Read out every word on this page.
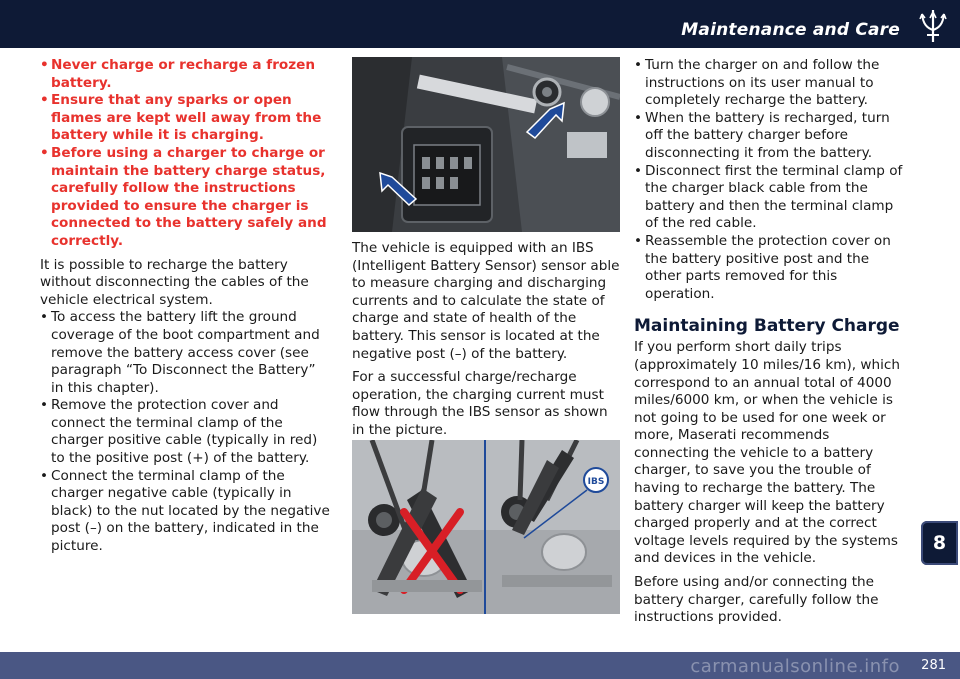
Maintenance and Care
• Never charge or recharge a frozen battery.
• Ensure that any sparks or open flames are kept well away from the battery while it is charging.
• Before using a charger to charge or maintain the battery charge status, carefully follow the instructions provided to ensure the charger is connected to the battery safely and correctly.

It is possible to recharge the battery without disconnecting the cables of the vehicle electrical system.

• To access the battery lift the ground coverage of the boot compartment and remove the battery access cover (see paragraph “To Disconnect the Battery” in this chapter).
• Remove the protection cover and connect the terminal clamp of the charger positive cable (typically in red) to the positive post (+) of the battery.
• Connect the terminal clamp of the charger negative cable (typically in black) to the nut located by the negative post (–) on the battery, indicated in the picture.

The vehicle is equipped with an IBS (Intelligent Battery Sensor) sensor able to measure charging and discharging currents and to calculate the state of charge and state of health of the battery. This sensor is located at the negative post (–) of the battery.

For a successful charge/recharge operation, the charging current must flow through the IBS sensor as shown in the picture.

IBS
• Turn the charger on and follow the instructions on its user manual to completely recharge the battery.
• When the battery is recharged, turn off the battery charger before disconnecting it from the battery.
• Disconnect first the terminal clamp of the charger black cable from the battery and then the terminal clamp of the red cable.
• Reassemble the protection cover on the battery positive post and the other parts removed for this operation.
Maintaining Battery Charge

If you perform short daily trips (approximately 10 miles/16 km), which correspond to an annual total of 4000 miles/6000 km, or when the vehicle is not going to be used for one week or more, Maserati recommends connecting the vehicle to a battery charger, to save you the trouble of having to recharge the battery. The battery charger will keep the battery charged properly and at the correct voltage levels required by the systems and devices in the vehicle.

Before using and/or connecting the battery charger, carefully follow the instructions provided.

8
carmanualsonline.info 281
